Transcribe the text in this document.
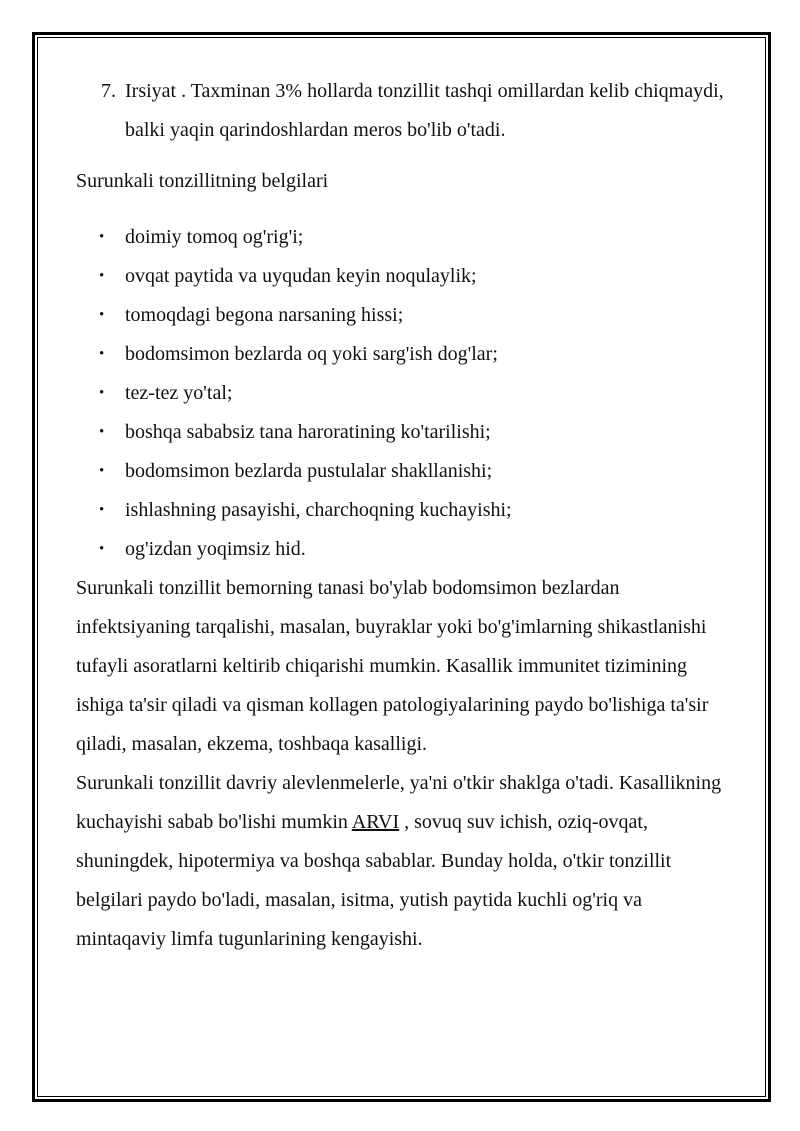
7. Irsiyat . Taxminan 3% hollarda tonzillit tashqi omillardan kelib chiqmaydi, balki yaqin qarindoshlardan meros bo'lib o'tadi.

Surunkali tonzillitning belgilari

• doimiy tomoq og'rig'i;
• ovqat paytida va uyqudan keyin noqulaylik;
• tomoqdagi begona narsaning hissi;
• bodomsimon bezlarda oq yoki sarg'ish dog'lar;
• tez-tez yo'tal;
• boshqa sababsiz tana haroratining ko'tarilishi;
• bodomsimon bezlarda pustulalar shakllanishi;
• ishlashning pasayishi, charchoqning kuchayishi;
• og'izdan yoqimsiz hid.

Surunkali tonzillit bemorning tanasi bo'ylab bodomsimon bezlardan infektsiyaning tarqalishi, masalan, buyraklar yoki bo'g'imlarning shikastlanishi tufayli asoratlarni keltirib chiqarishi mumkin. Kasallik immunitet tizimining ishiga ta'sir qiladi va qisman kollagen patologiyalarining paydo bo'lishiga ta'sir qiladi, masalan, ekzema, toshbaqa kasalligi.

Surunkali tonzillit davriy alevlenmelerle, ya'ni o'tkir shaklga o'tadi. Kasallikning kuchayishi sabab bo'lishi mumkin ARVI , sovuq suv ichish, oziq-ovqat, shuningdek, hipotermiya va boshqa sabablar. Bunday holda, o'tkir tonzillit belgilari paydo bo'ladi, masalan, isitma, yutish paytida kuchli og'riq va mintaqaviy limfa tugunlarining kengayishi.
